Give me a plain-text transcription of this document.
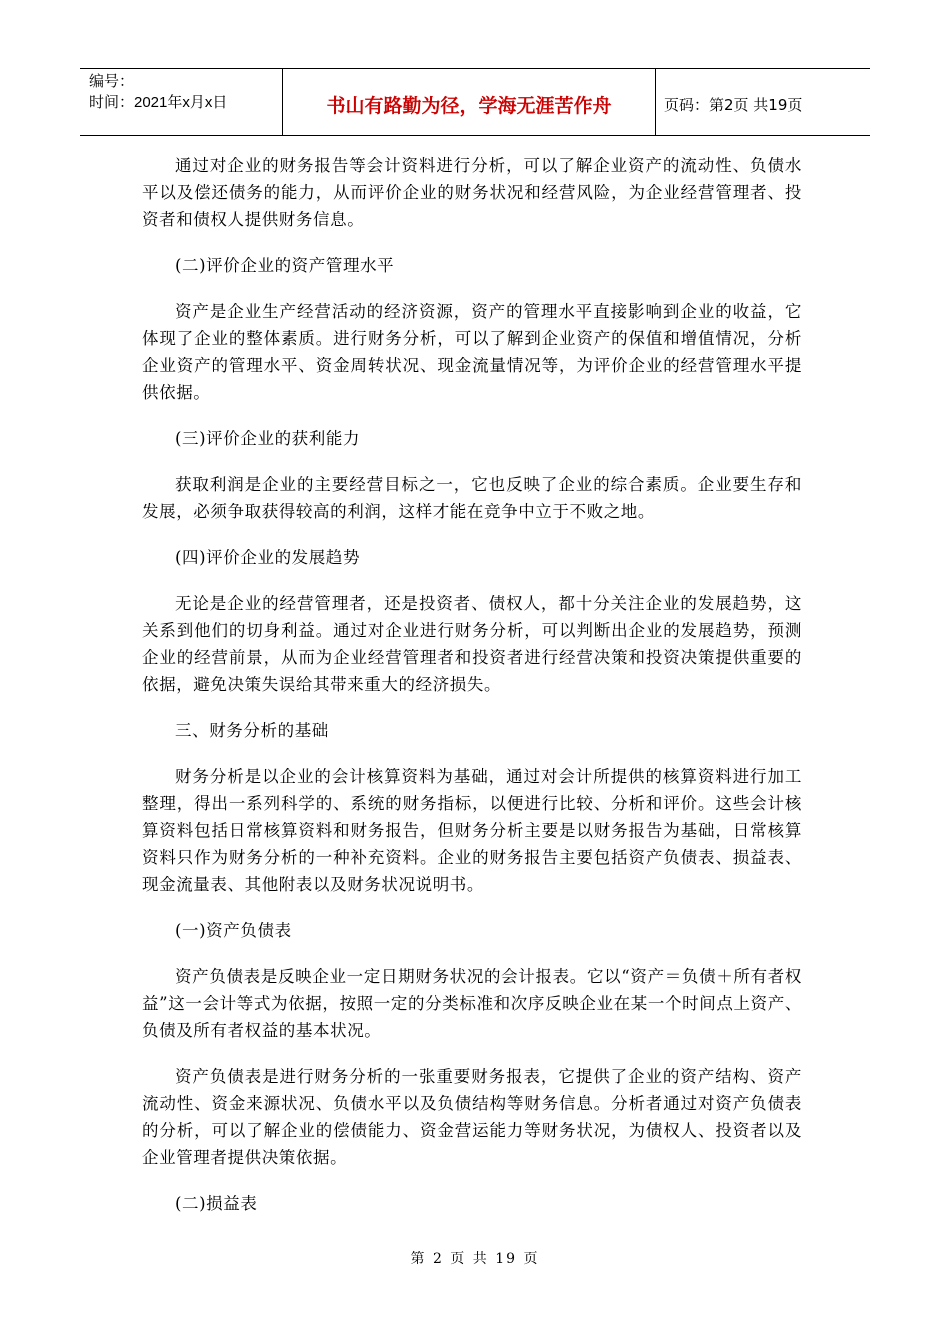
编号：
时间：2021年x月x日	书山有路勤为径，学海无涯苦作舟	页码：第2页 共19页

通过对企业的财务报告等会计资料进行分析，可以了解企业资产的流动性、负债水平以及偿还债务的能力，从而评价企业的财务状况和经营风险，为企业经营管理者、投资者和债权人提供财务信息。

(二)评价企业的资产管理水平

资产是企业生产经营活动的经济资源，资产的管理水平直接影响到企业的收益，它体现了企业的整体素质。进行财务分析，可以了解到企业资产的保值和增值情况，分析企业资产的管理水平、资金周转状况、现金流量情况等，为评价企业的经营管理水平提供依据。

(三)评价企业的获利能力

获取利润是企业的主要经营目标之一，它也反映了企业的综合素质。企业要生存和发展，必须争取获得较高的利润，这样才能在竞争中立于不败之地。

(四)评价企业的发展趋势

无论是企业的经营管理者，还是投资者、债权人，都十分关注企业的发展趋势，这关系到他们的切身利益。通过对企业进行财务分析，可以判断出企业的发展趋势，预测企业的经营前景，从而为企业经营管理者和投资者进行经营决策和投资决策提供重要的依据，避免决策失误给其带来重大的经济损失。

三、财务分析的基础

财务分析是以企业的会计核算资料为基础，通过对会计所提供的核算资料进行加工整理，得出一系列科学的、系统的财务指标，以便进行比较、分析和评价。这些会计核算资料包括日常核算资料和财务报告，但财务分析主要是以财务报告为基础，日常核算资料只作为财务分析的一种补充资料。企业的财务报告主要包括资产负债表、损益表、现金流量表、其他附表以及财务状况说明书。

(一)资产负债表

资产负债表是反映企业一定日期财务状况的会计报表。它以“资产＝负债＋所有者权益”这一会计等式为依据，按照一定的分类标准和次序反映企业在某一个时间点上资产、负债及所有者权益的基本状况。

资产负债表是进行财务分析的一张重要财务报表，它提供了企业的资产结构、资产流动性、资金来源状况、负债水平以及负债结构等财务信息。分析者通过对资产负债表的分析，可以了解企业的偿债能力、资金营运能力等财务状况，为债权人、投资者以及企业管理者提供决策依据。

(二)损益表

第 2 页 共 19 页
